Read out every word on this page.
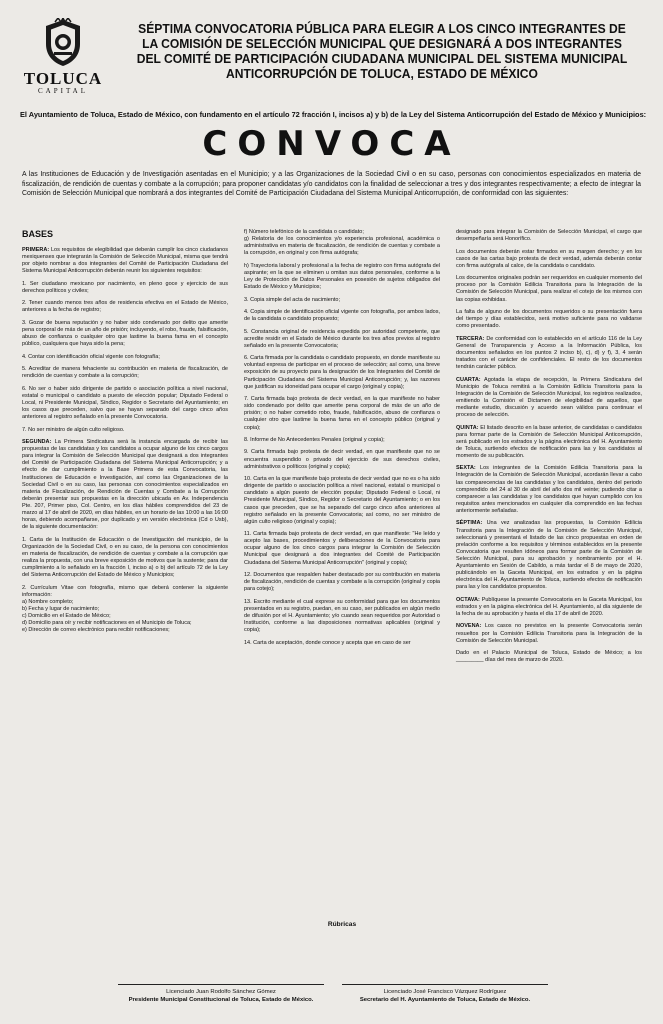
TOLUCA
CAPITAL
SÉPTIMA CONVOCATORIA PÚBLICA PARA ELEGIR A LOS CINCO INTEGRANTES DE LA COMISIÓN DE SELECCIÓN MUNICIPAL QUE DESIGNARÁ A DOS INTEGRANTES DEL COMITÉ DE PARTICIPACIÓN CIUDADANA MUNICIPAL DEL SISTEMA MUNICIPAL ANTICORRUPCIÓN DE TOLUCA, ESTADO DE MÉXICO
El Ayuntamiento de Toluca, Estado de México, con fundamento en el artículo 72 fracción I, incisos a) y b) de la Ley del Sistema Anticorrupción del Estado de México y Municipios:
CONVOCA
A las Instituciones de Educación y de Investigación asentadas en el Municipio; y a las Organizaciones de la Sociedad Civil o en su caso, personas con conocimientos especializados en materia de fiscalización, de rendición de cuentas y combate a la corrupción; para proponer candidatas y/o candidatos con la finalidad de seleccionar a tres y dos integrantes respectivamente; a efecto de integrar la Comisión de Selección Municipal que nombrará a dos integrantes del Comité de Participación Ciudadana del Sistema Municipal Anticorrupción, de conformidad con las siguientes:

BASES

PRIMERA: Los requisitos de elegibilidad que deberán cumplir los cinco ciudadanos mexiquenses que integrarán la Comisión de Selección Municipal, misma que tendrá por objeto nombrar a dos integrantes del Comité de Participación Ciudadana del Sistema Municipal Anticorrupción deberán reunir los siguientes requisitos:

1. Ser ciudadano mexicano por nacimiento, en pleno goce y ejercicio de sus derechos políticos y civiles;

2. Tener cuando menos tres años de residencia efectiva en el Estado de México, anteriores a la fecha de registro;

3. Gozar de buena reputación y no haber sido condenado por delito que amerite pena corporal de más de un año de prisión; incluyendo, el robo, fraude, falsificación, abuso de confianza o cualquier otro que lastime la buena fama en el concepto público, cualquiera que haya sido la pena;

4. Contar con identificación oficial vigente con fotografía;

5. Acreditar de manera fehaciente su contribución en materia de fiscalización, de rendición de cuentas y combate a la corrupción;

6. No ser o haber sido dirigente de partido o asociación política a nivel nacional, estatal o municipal o candidato a puesto de elección popular; Diputado Federal o Local, ni Presidente Municipal, Síndico, Regidor o Secretario del Ayuntamiento; en los casos que preceden, salvo que se hayan separado del cargo cinco años anteriores al registro señalado en la presente Convocatoria.

7. No ser ministro de algún culto religioso.

SEGUNDA: La Primera Sindicatura será la instancia encargada de recibir las propuestas de las candidatas y los candidatos a ocupar alguno de los cinco cargos para integrar la Comisión de Selección Municipal que designará a dos integrantes del Comité de Participación Ciudadana del Sistema Municipal Anticorrupción; y a efecto de dar cumplimiento a la Base Primera de esta Convocatoria, las Instituciones de Educación e Investigación, así como las Organizaciones de la Sociedad Civil o en su caso, las personas con conocimientos especializados en materia de Fiscalización, de Rendición de Cuentas y Combate a la Corrupción deberán presentar sus propuestas en la dirección ubicada en Av. Independencia Pte. 207, Primer piso, Col. Centro, en los días hábiles comprendidos del 23 de marzo al 17 de abril de 2020, en días hábiles, en un horario de las 10:00 a las 16:00 horas, debiendo acompañarse, por duplicado y en versión electrónica (Cd o Usb), de la siguiente documentación:

1. Carta de la Institución de Educación o de Investigación del municipio, de la Organización de la Sociedad Civil, o en su caso, de la persona con conocimientos en materia de fiscalización, de rendición de cuentas y combate a la corrupción que realiza la propuesta, con una breve exposición de motivos que la sustente; para dar cumplimiento a lo señalado en la fracción I, inciso a) o b) del artículo 72 de la Ley del Sistema Anticorrupción del Estado de México y Municipios;

2. Currículum Vitae con fotografía, mismo que deberá contener la siguiente información:

a) Nombre completo;

b) Fecha y lugar de nacimiento;

c) Domicilio en el Estado de México;

d) Domicilio para oír y recibir notificaciones en el Municipio de Toluca;

e) Dirección de correo electrónico para recibir notificaciones;

f) Número telefónico de la candidata o candidato;

g) Relatoría de los conocimientos y/o experiencia profesional, académica o administrativa en materia de fiscalización, de rendición de cuentas y combate a la corrupción, en original y con firma autógrafa;

h) Trayectoria laboral y profesional a la fecha de registro con firma autógrafa del aspirante; en la que se eliminen u omitan sus datos personales, conforme a la Ley de Protección de Datos Personales en posesión de sujetos obligados del Estado de México y Municipios;

3. Copia simple del acta de nacimiento;

4. Copia simple de identificación oficial vigente con fotografía, por ambos lados, de la candidata o candidato propuesto;

5. Constancia original de residencia expedida por autoridad competente, que acredite residir en el Estado de México durante los tres años previos al registro señalado en la presente Convocatoria;

6. Carta firmada por la candidata o candidato propuesto, en donde manifieste su voluntad expresa de participar en el proceso de selección; así como, una breve exposición de su proyecto para la designación de los Integrantes del Comité de Participación Ciudadana del Sistema Municipal Anticorrupción; y, las razones que justifican su idoneidad para ocupar el cargo (original y copia);

7. Carta firmada bajo protesta de decir verdad, en la que manifieste no haber sido condenado por delito que amerite pena corporal de más de un año de prisión; o no haber cometido robo, fraude, falsificación, abuso de confianza o cualquier otro que lastime la buena fama en el concepto público (original y copia);

8. Informe de No Antecedentes Penales (original y copia);

9. Carta firmada bajo protesta de decir verdad, en que manifieste que no se encuentra suspendido o privado del ejercicio de sus derechos civiles, administrativos o políticos (original y copia);

10. Carta en la que manifieste bajo protesta de decir verdad que no es o ha sido dirigente de partido o asociación política a nivel nacional, estatal o municipal o candidato a algún puesto de elección popular; Diputado Federal o Local, ni Presidente Municipal, Síndico, Regidor o Secretario del Ayuntamiento; o en los casos que preceden, que se ha separado del cargo cinco años anteriores al registro señalado en la presente Convocatoria; así como, no ser ministro de algún culto religioso (original y copia);

11. Carta firmada bajo protesta de decir verdad, en que manifieste: "He leído y acepto las bases, procedimientos y deliberaciones de la Convocatoria para ocupar alguno de los cinco cargos para integrar la Comisión de Selección Municipal que designará a dos integrantes del Comité de Participación Ciudadana del Sistema Municipal Anticorrupción" (original y copia);

12. Documentos que respalden haber destacado por su contribución en materia de fiscalización, rendición de cuentas y combate a la corrupción (original y copia para cotejo);

13. Escrito mediante el cual exprese su conformidad para que los documentos presentados en su registro, puedan, en su caso, ser publicados en algún medio de difusión por el H. Ayuntamiento; y/o cuando sean requeridos por Autoridad o Institución, conforme a las disposiciones normativas aplicables (original y copia);

14. Carta de aceptación, donde conoce y acepta que en caso de ser

Rúbricas

designado para integrar la Comisión de Selección Municipal, el cargo que desempeñaría será Honorífico.

Los documentos deberán estar firmados en su margen derecho; y en los casos de las cartas bajo protesta de decir verdad, además deberán contar con firma autógrafa al calce, de la candidata o candidato.

Los documentos originales podrán ser requeridos en cualquier momento del proceso por la Comisión Edilicia Transitoria para la Integración de la Comisión de Selección Municipal, para realizar el cotejo de los mismos con las copias exhibidas.

La falta de alguno de los documentos requeridos o su presentación fuera del tiempo y días establecidos, será motivo suficiente para no validarse como presentado.

TERCERA: De conformidad con lo establecido en el artículo 116 de la Ley General de Transparencia y Acceso a la Información Pública, los documentos señalados en los puntos 2 inciso b), c), d) y f), 3, 4 serán tratados con el carácter de confidenciales. El resto de los documentos tendrán carácter público.

CUARTA: Agotada la etapa de recepción, la Primera Sindicatura del Municipio de Toluca remitirá a la Comisión Edilicia Transitoria para la Integración de la Comisión de Selección Municipal, los registros realizados, emitiendo la Comisión el Dictamen de elegibilidad de aquellos, que mediante estudio, discusión y acuerdo sean válidos para continuar el proceso de selección.

QUINTA: El listado descrito en la base anterior, de candidatas o candidatos para formar parte de la Comisión de Selección Municipal Anticorrupción, será publicado en los estrados y la página electrónica del H. Ayuntamiento de Toluca, surtiendo efectos de notificación para las y los candidatos al momento de su publicación.

SEXTA: Los integrantes de la Comisión Edilicia Transitoria para la Integración de la Comisión de Selección Municipal, acordarán llevar a cabo las comparecencias de las candidatas y los candidatos, dentro del periodo comprendido del 24 al 30 de abril del año dos mil veinte; pudiendo citar a comparecer a las candidatas y los candidatos que hayan cumplido con los requisitos antes mencionados en cualquier día comprendido en las fechas anteriormente señaladas.

SÉPTIMA: Una vez analizadas las propuestas, la Comisión Edilicia Transitoria para la Integración de la Comisión de Selección Municipal, seleccionará y presentará el listado de las cinco propuestas en orden de prelación conforme a los requisitos y términos establecidos en la presente Convocatoria que resulten idóneos para formar parte de la Comisión de Selección Municipal, para su aprobación y nombramiento por el H. Ayuntamiento en Sesión de Cabildo, a más tardar el 8 de mayo de 2020, publicándolo en la Gaceta Municipal, en los estrados y en la página electrónica del H. Ayuntamiento de Toluca, surtiendo efectos de notificación para las y los candidatos propuestos.

OCTAVA: Publíquese la presente Convocatoria en la Gaceta Municipal, los estrados y en la página electrónica del H. Ayuntamiento, al día siguiente de la fecha de su aprobación y hasta el día 17 de abril de 2020.

NOVENA: Los casos no previstos en la presente Convocatoria serán resueltos por la Comisión Edilicia Transitoria para la Integración de la Comisión de Selección Municipal.

Dado en el Palacio Municipal de Toluca, Estado de México; a los _________ días del mes de marzo de 2020.

Licenciado Juan Rodolfo Sánchez Gómez
Presidente Municipal Constitucional de Toluca, Estado de México.
Licenciado José Francisco Vázquez Rodríguez
Secretario del H. Ayuntamiento de Toluca, Estado de México.
